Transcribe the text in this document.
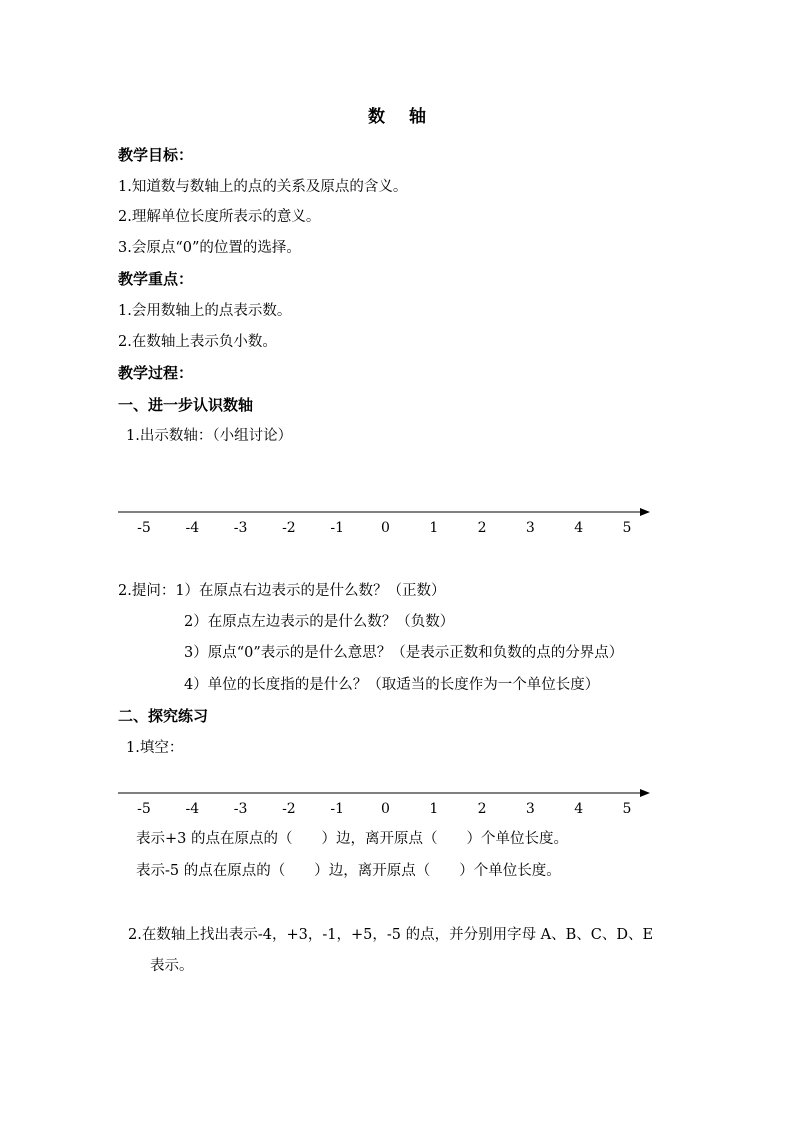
数 轴
教学目标：
1.知道数与数轴上的点的关系及原点的含义。
2.理解单位长度所表示的意义。
3.会原点“0”的位置的选择。
教学重点：
1.会用数轴上的点表示数。
2.在数轴上表示负小数。
教学过程：
一、进一步认识数轴
1.出示数轴：（小组讨论）
-5 -4 -3 -2 -1	0	1	2	3	4	5
2.提问：1）在原点右边表示的是什么数？（正数）
2）在原点左边表示的是什么数？（负数）
3）原点“0”表示的是什么意思？（是表示正数和负数的点的分界点）
4）单位的长度指的是什么？（取适当的长度作为一个单位长度）
二、探究练习
1.填空：
-5 -4 -3 -2 -1	0	1	2	3	4	5
表示+3 的点在原点的（　　）边，离开原点（　　）个单位长度。
表示-5 的点在原点的（　　）边，离开原点（　　）个单位长度。
2.在数轴上找出表示-4，+3，-1，+5，-5 的点，并分别用字母 A、B、C、D、E
表示。
